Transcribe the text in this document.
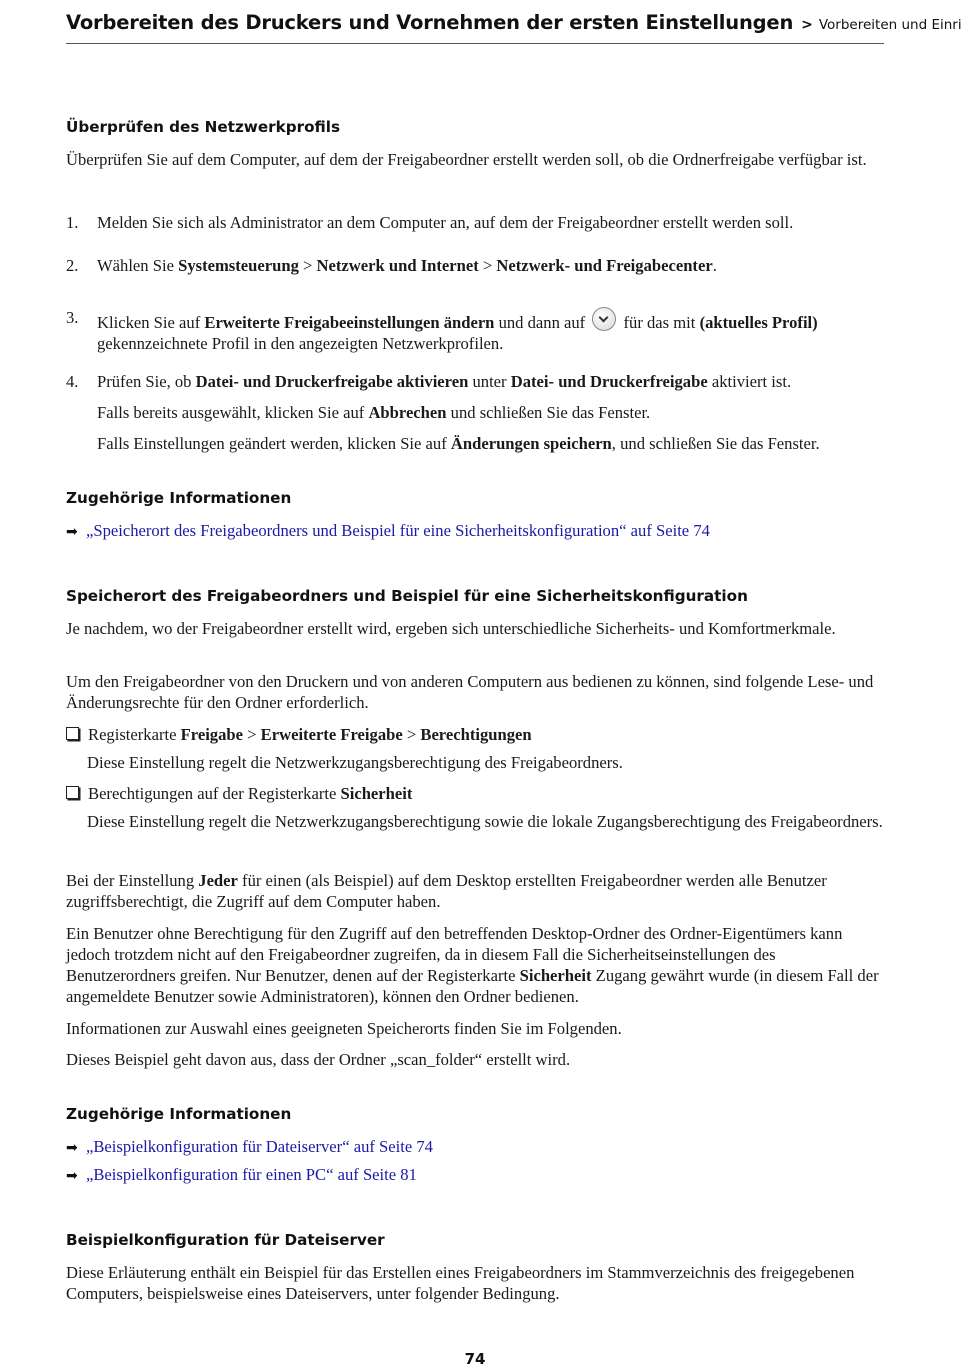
Vorbereiten des Druckers und Vornehmen der ersten Einstellungen > Vorbereiten und Einri
Überprüfen des Netzwerkprofils

Überprüfen Sie auf dem Computer, auf dem der Freigabeordner erstellt werden soll, ob die Ordnerfreigabe verfügbar ist.

1. Melden Sie sich als Administrator an dem Computer an, auf dem der Freigabeordner erstellt werden soll.
2. Wählen Sie Systemsteuerung > Netzwerk und Internet > Netzwerk- und Freigabecenter.
3. Klicken Sie auf Erweiterte Freigabeeinstellungen ändern und dann auf  für das mit (aktuelles Profil) gekennzeichnete Profil in den angezeigten Netzwerkprofilen.
4. Prüfen Sie, ob Datei- und Druckerfreigabe aktivieren unter Datei- und Druckerfreigabe aktiviert ist.
Falls bereits ausgewählt, klicken Sie auf Abbrechen und schließen Sie das Fenster.
Falls Einstellungen geändert werden, klicken Sie auf Änderungen speichern, und schließen Sie das Fenster.
Zugehörige Informationen
➡ „Speicherort des Freigabeordners und Beispiel für eine Sicherheitskonfiguration“ auf Seite 74
Speicherort des Freigabeordners und Beispiel für eine Sicherheitskonfiguration

Je nachdem, wo der Freigabeordner erstellt wird, ergeben sich unterschiedliche Sicherheits- und Komfortmerkmale.

Um den Freigabeordner von den Druckern und von anderen Computern aus bedienen zu können, sind folgende Lese- und Änderungsrechte für den Ordner erforderlich.

Registerkarte Freigabe > Erweiterte Freigabe > Berechtigungen
Diese Einstellung regelt die Netzwerkzugangsberechtigung des Freigabeordners.
Berechtigungen auf der Registerkarte Sicherheit
Diese Einstellung regelt die Netzwerkzugangsberechtigung sowie die lokale Zugangsberechtigung des Freigabeordners.

Bei der Einstellung Jeder für einen (als Beispiel) auf dem Desktop erstellten Freigabeordner werden alle Benutzer zugriffsberechtigt, die Zugriff auf dem Computer haben.

Ein Benutzer ohne Berechtigung für den Zugriff auf den betreffenden Desktop-Ordner des Ordner-Eigentümers kann jedoch trotzdem nicht auf den Freigabeordner zugreifen, da in diesem Fall die Sicherheitseinstellungen des Benutzerordners greifen. Nur Benutzer, denen auf der Registerkarte Sicherheit Zugang gewährt wurde (in diesem Fall der angemeldete Benutzer sowie Administratoren), können den Ordner bedienen.

Informationen zur Auswahl eines geeigneten Speicherorts finden Sie im Folgenden.

Dieses Beispiel geht davon aus, dass der Ordner „scan_folder“ erstellt wird.

Zugehörige Informationen
➡ „Beispielkonfiguration für Dateiserver“ auf Seite 74
➡ „Beispielkonfiguration für einen PC“ auf Seite 81
Beispielkonfiguration für Dateiserver

Diese Erläuterung enthält ein Beispiel für das Erstellen eines Freigabeordners im Stammverzeichnis des freigegebenen Computers, beispielsweise eines Dateiservers, unter folgender Bedingung.

74
